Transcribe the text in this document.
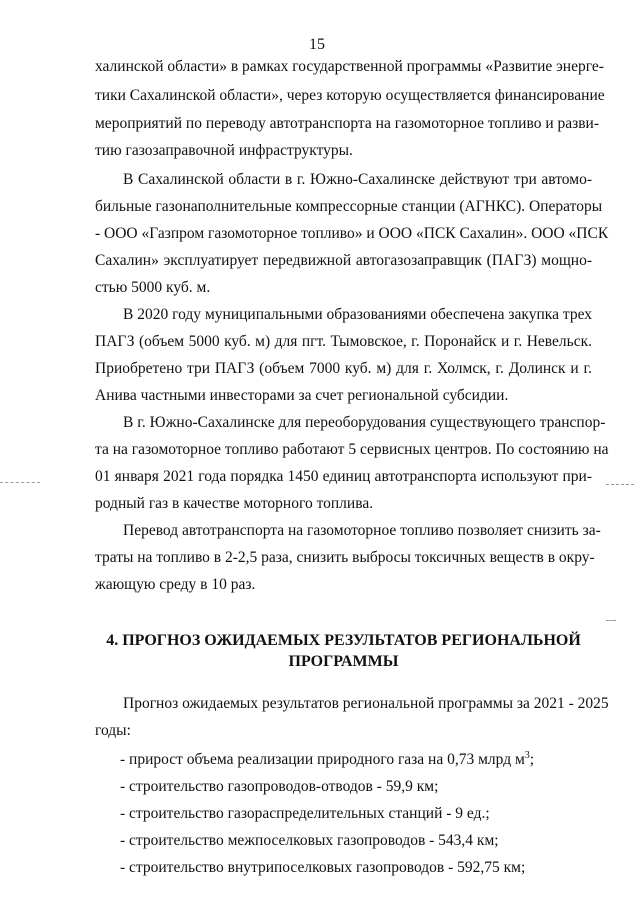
15
халинской области» в рамках государственной программы «Развитие энерге-
тики Сахалинской области», через которую осуществляется финансирование
мероприятий по переводу автотранспорта на газомоторное топливо и разви-
тию газозаправочной инфраструктуры.
В Сахалинской области в г. Южно-Сахалинске действуют три автомо-
бильные газонаполнительные компрессорные станции (АГНКС). Операторы
- ООО «Газпром газомоторное топливо» и ООО «ПСК Сахалин». ООО «ПСК
Сахалин» эксплуатирует передвижной автогазозаправщик (ПАГЗ) мощно-
стью 5000 куб. м.
В 2020 году муниципальными образованиями обеспечена закупка трех
ПАГЗ (объем 5000 куб. м) для пгт. Тымовское, г. Поронайск и г. Невельск.
Приобретено три ПАГЗ (объем 7000 куб. м) для г. Холмск, г. Долинск и г.
Анива частными инвесторами за счет региональной субсидии.
В г. Южно-Сахалинске для переоборудования существующего транспор-
та на газомоторное топливо работают 5 сервисных центров. По состоянию на
01 января 2021 года порядка 1450 единиц автотранспорта используют при-
родный газ в качестве моторного топлива.
Перевод автотранспорта на газомоторное топливо позволяет снизить за-
траты на топливо в 2-2,5 раза, снизить выбросы токсичных веществ в окру-
жающую среду в 10 раз.
4. ПРОГНОЗ ОЖИДАЕМЫХ РЕЗУЛЬТАТОВ РЕГИОНАЛЬНОЙ
ПРОГРАММЫ
Прогноз ожидаемых результатов региональной программы за 2021 - 2025
годы:
- прирост объема реализации природного газа на 0,73 млрд $м^3$;
- строительство газопроводов-отводов - 59,9 км;
- строительство газораспределительных станций - 9 ед.;
- строительство межпоселковых газопроводов - 543,4 км;
- строительство внутрипоселковых газопроводов - 592,75 км;
